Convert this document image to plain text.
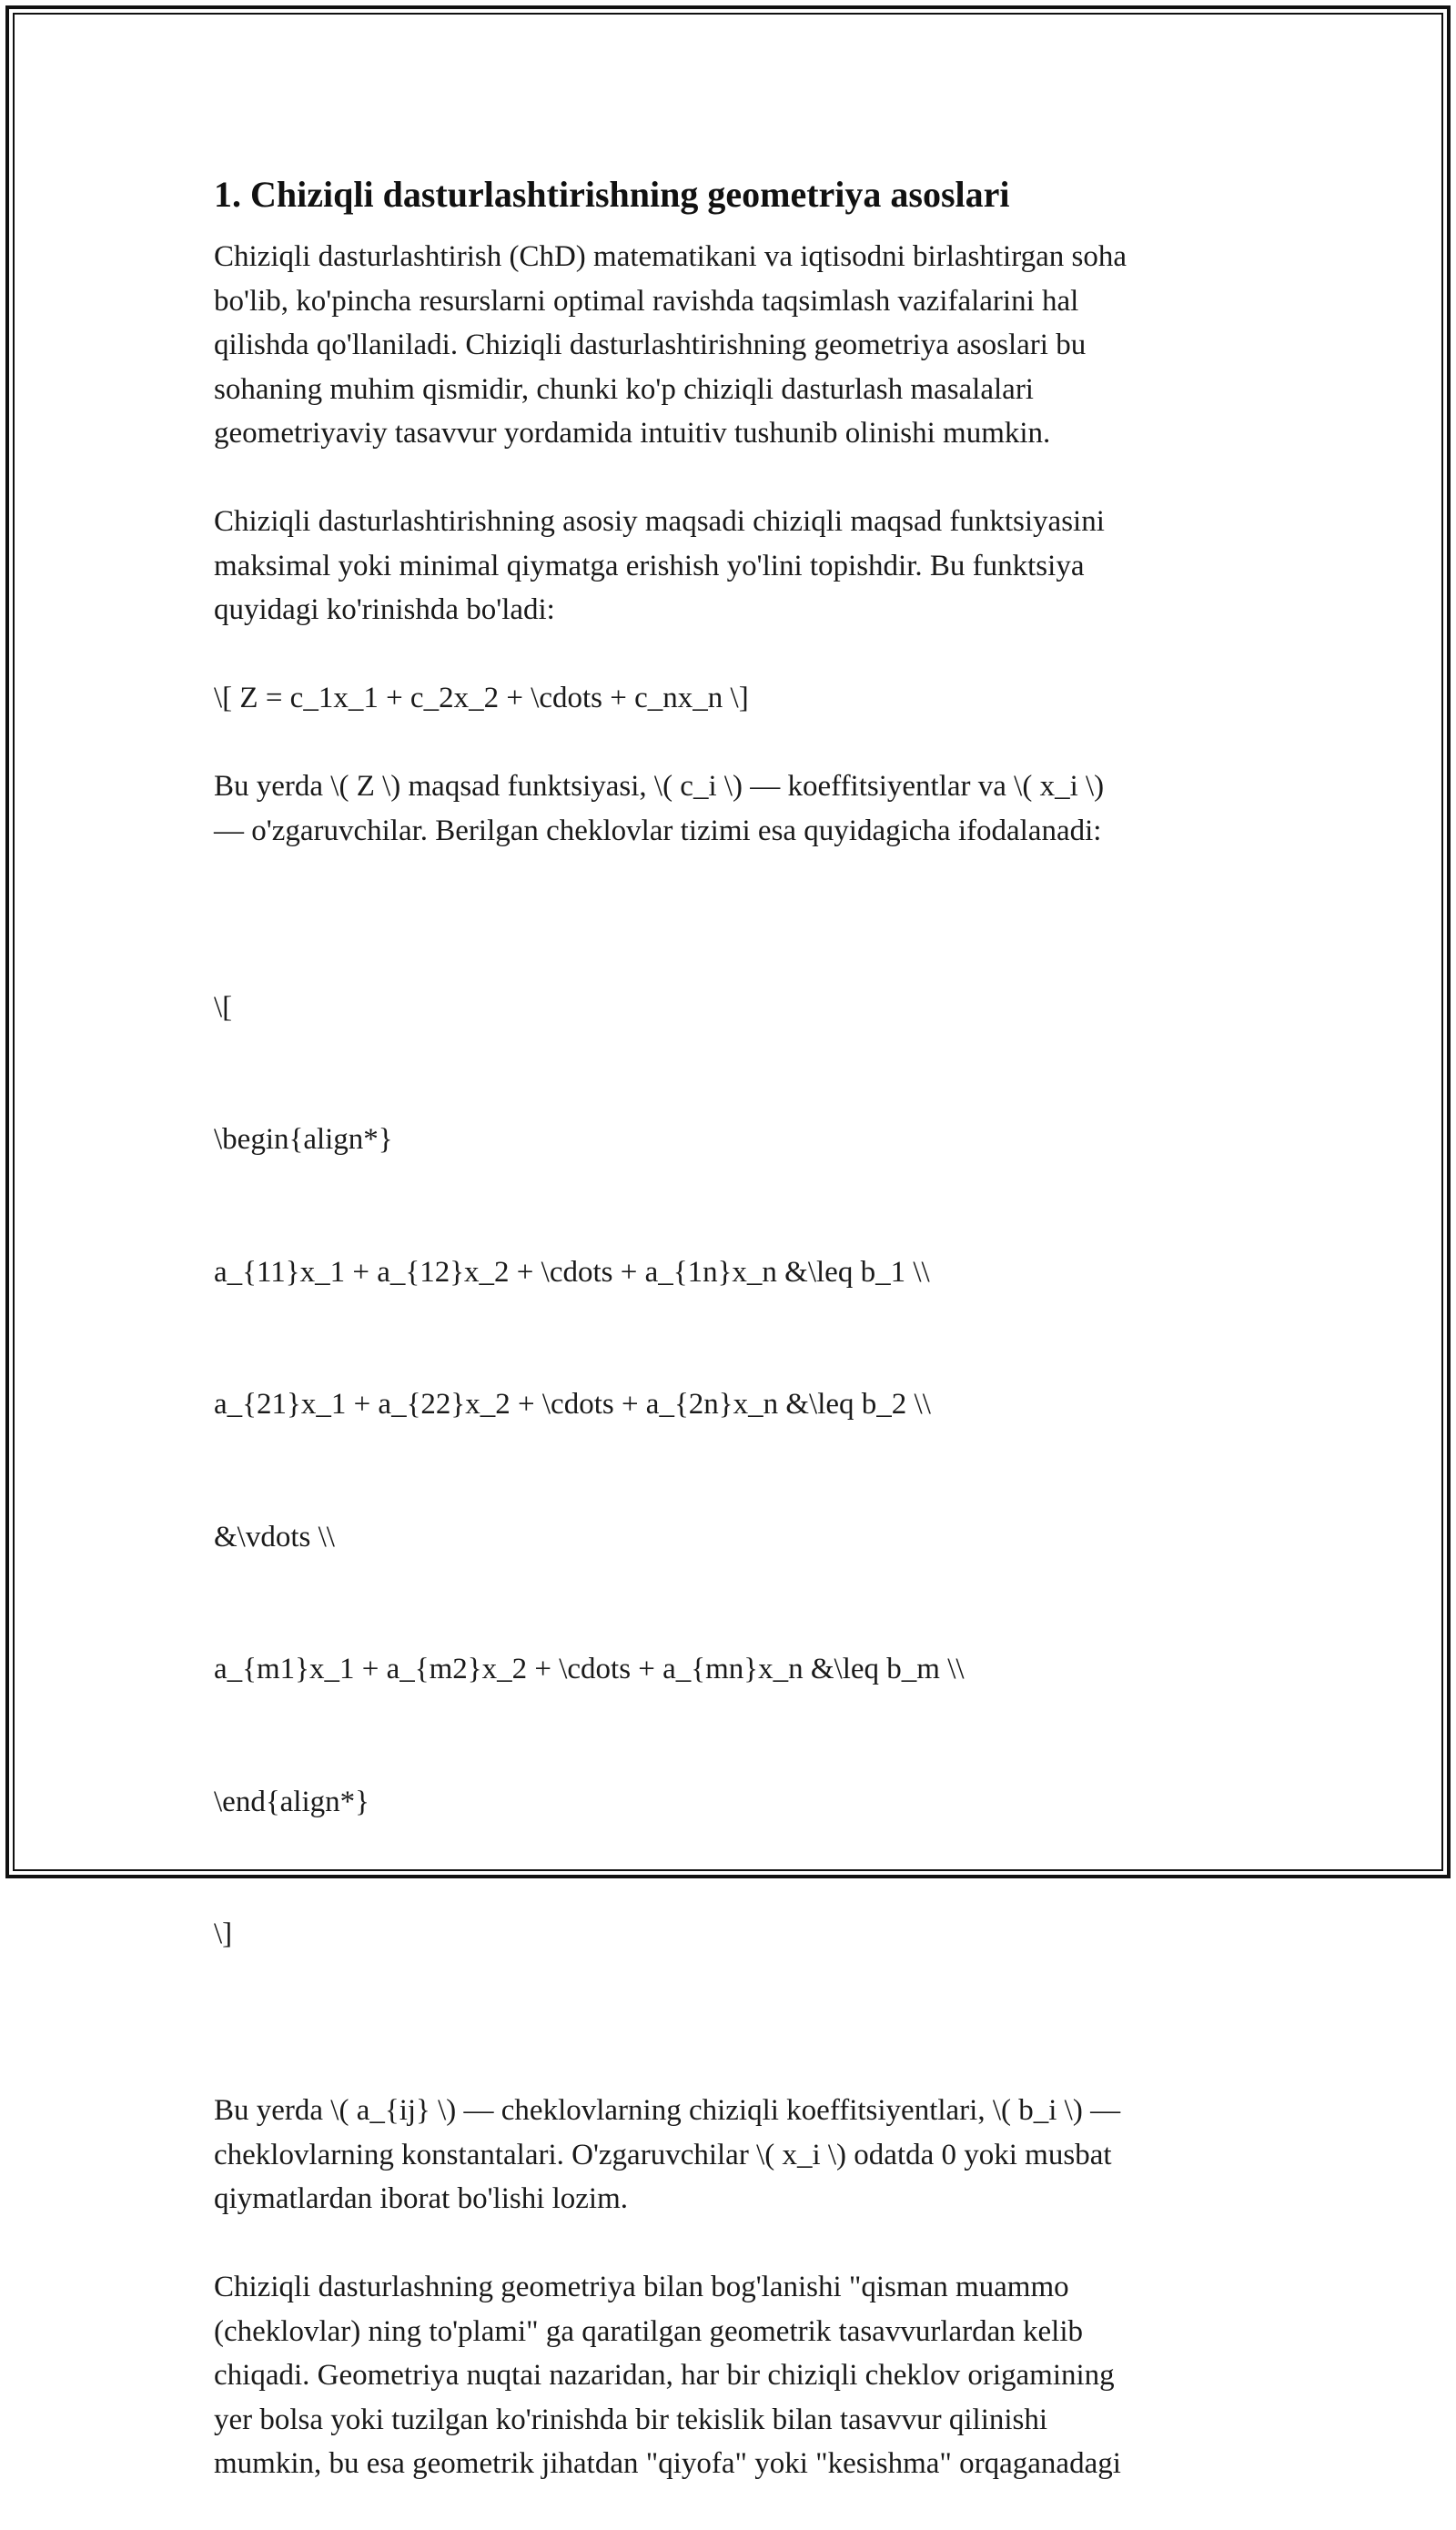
1. Chiziqli dasturlashtirishning geometriya asoslari

Chiziqli dasturlashtirish (ChD) matematikani va iqtisodni birlashtirgan soha
bo'lib, ko'pincha resurslarni optimal ravishda taqsimlash vazifalarini hal
qilishda qo'llaniladi. Chiziqli dasturlashtirishning geometriya asoslari bu
sohaning muhim qismidir, chunki ko'p chiziqli dasturlash masalalari
geometriyaviy tasavvur yordamida intuitiv tushunib olinishi mumkin.

Chiziqli dasturlashtirishning asosiy maqsadi chiziqli maqsad funktsiyasini
maksimal yoki minimal qiymatga erishish yo'lini topishdir. Bu funktsiya
quyidagi ko'rinishda bo'ladi:

\[ Z = c_1x_1 + c_2x_2 + \cdots + c_nx_n \]

Bu yerda \( Z \) maqsad funktsiyasi, \( c_i \) — koeffitsiyentlar va \( x_i \)
— o'zgaruvchilar. Berilgan cheklovlar tizimi esa quyidagicha ifodalanadi:

\[

\begin{align*}

a_{11}x_1 + a_{12}x_2 + \cdots + a_{1n}x_n &\leq b_1 \\

a_{21}x_1 + a_{22}x_2 + \cdots + a_{2n}x_n &\leq b_2 \\

&\vdots \\

a_{m1}x_1 + a_{m2}x_2 + \cdots + a_{mn}x_n &\leq b_m \\

\end{align*}

\]

Bu yerda \( a_{ij} \) — cheklovlarning chiziqli koeffitsiyentlari, \( b_i \) —
cheklovlarning konstantalari. O'zgaruvchilar \( x_i \) odatda 0 yoki musbat
qiymatlardan iborat bo'lishi lozim.

Chiziqli dasturlashning geometriya bilan bog'lanishi "qisman muammo
(cheklovlar) ning to'plami" ga qaratilgan geometrik tasavvurlardan kelib
chiqadi. Geometriya nuqtai nazaridan, har bir chiziqli cheklov origamining
yer bolsa yoki tuzilgan ko'rinishda bir tekislik bilan tasavvur qilinishi
mumkin, bu esa geometrik jihatdan "qiyofa" yoki "kesishma" orqaganadagi
